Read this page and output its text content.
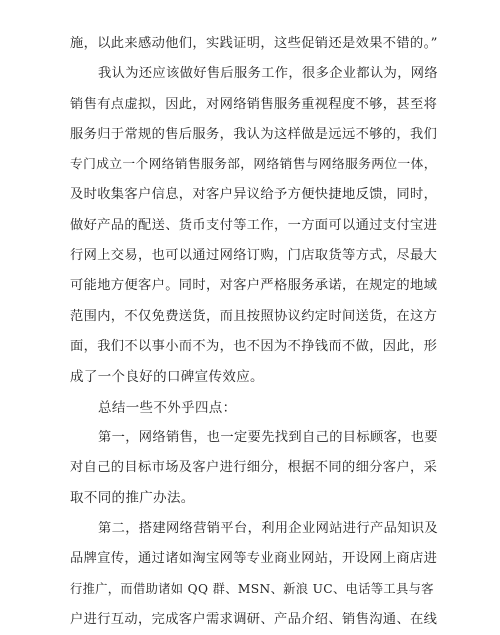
施，以此来感动他们，实践证明，这些促销还是效果不错的。”
我认为还应该做好售后服务工作，很多企业都认为，网络
销售有点虚拟，因此，对网络销售服务重视程度不够，甚至将
服务归于常规的售后服务，我认为这样做是远远不够的，我们
专门成立一个网络销售服务部，网络销售与网络服务两位一体，
及时收集客户信息，对客户异议给予方便快捷地反馈，同时，
做好产品的配送、货币支付等工作，一方面可以通过支付宝进
行网上交易，也可以通过网络订购，门店取货等方式，尽最大
可能地方便客户。同时，对客户严格服务承诺，在规定的地域
范围内，不仅免费送货，而且按照协议约定时间送货，在这方
面，我们不以事小而不为，也不因为不挣钱而不做，因此，形
成了一个良好的口碑宣传效应。
总结一些不外乎四点：
第一，网络销售，也一定要先找到自己的目标顾客，也要
对自己的目标市场及客户进行细分，根据不同的细分客户，采
取不同的推广办法。
第二，搭建网络营销平台，利用企业网站进行产品知识及
品牌宣传，通过诸如淘宝网等专业商业网站，开设网上商店进
行推广，而借助诸如 QQ 群、MSN、新浪 UC、电话等工具与客
户进行互动，完成客户需求调研、产品介绍、销售沟通、在线
